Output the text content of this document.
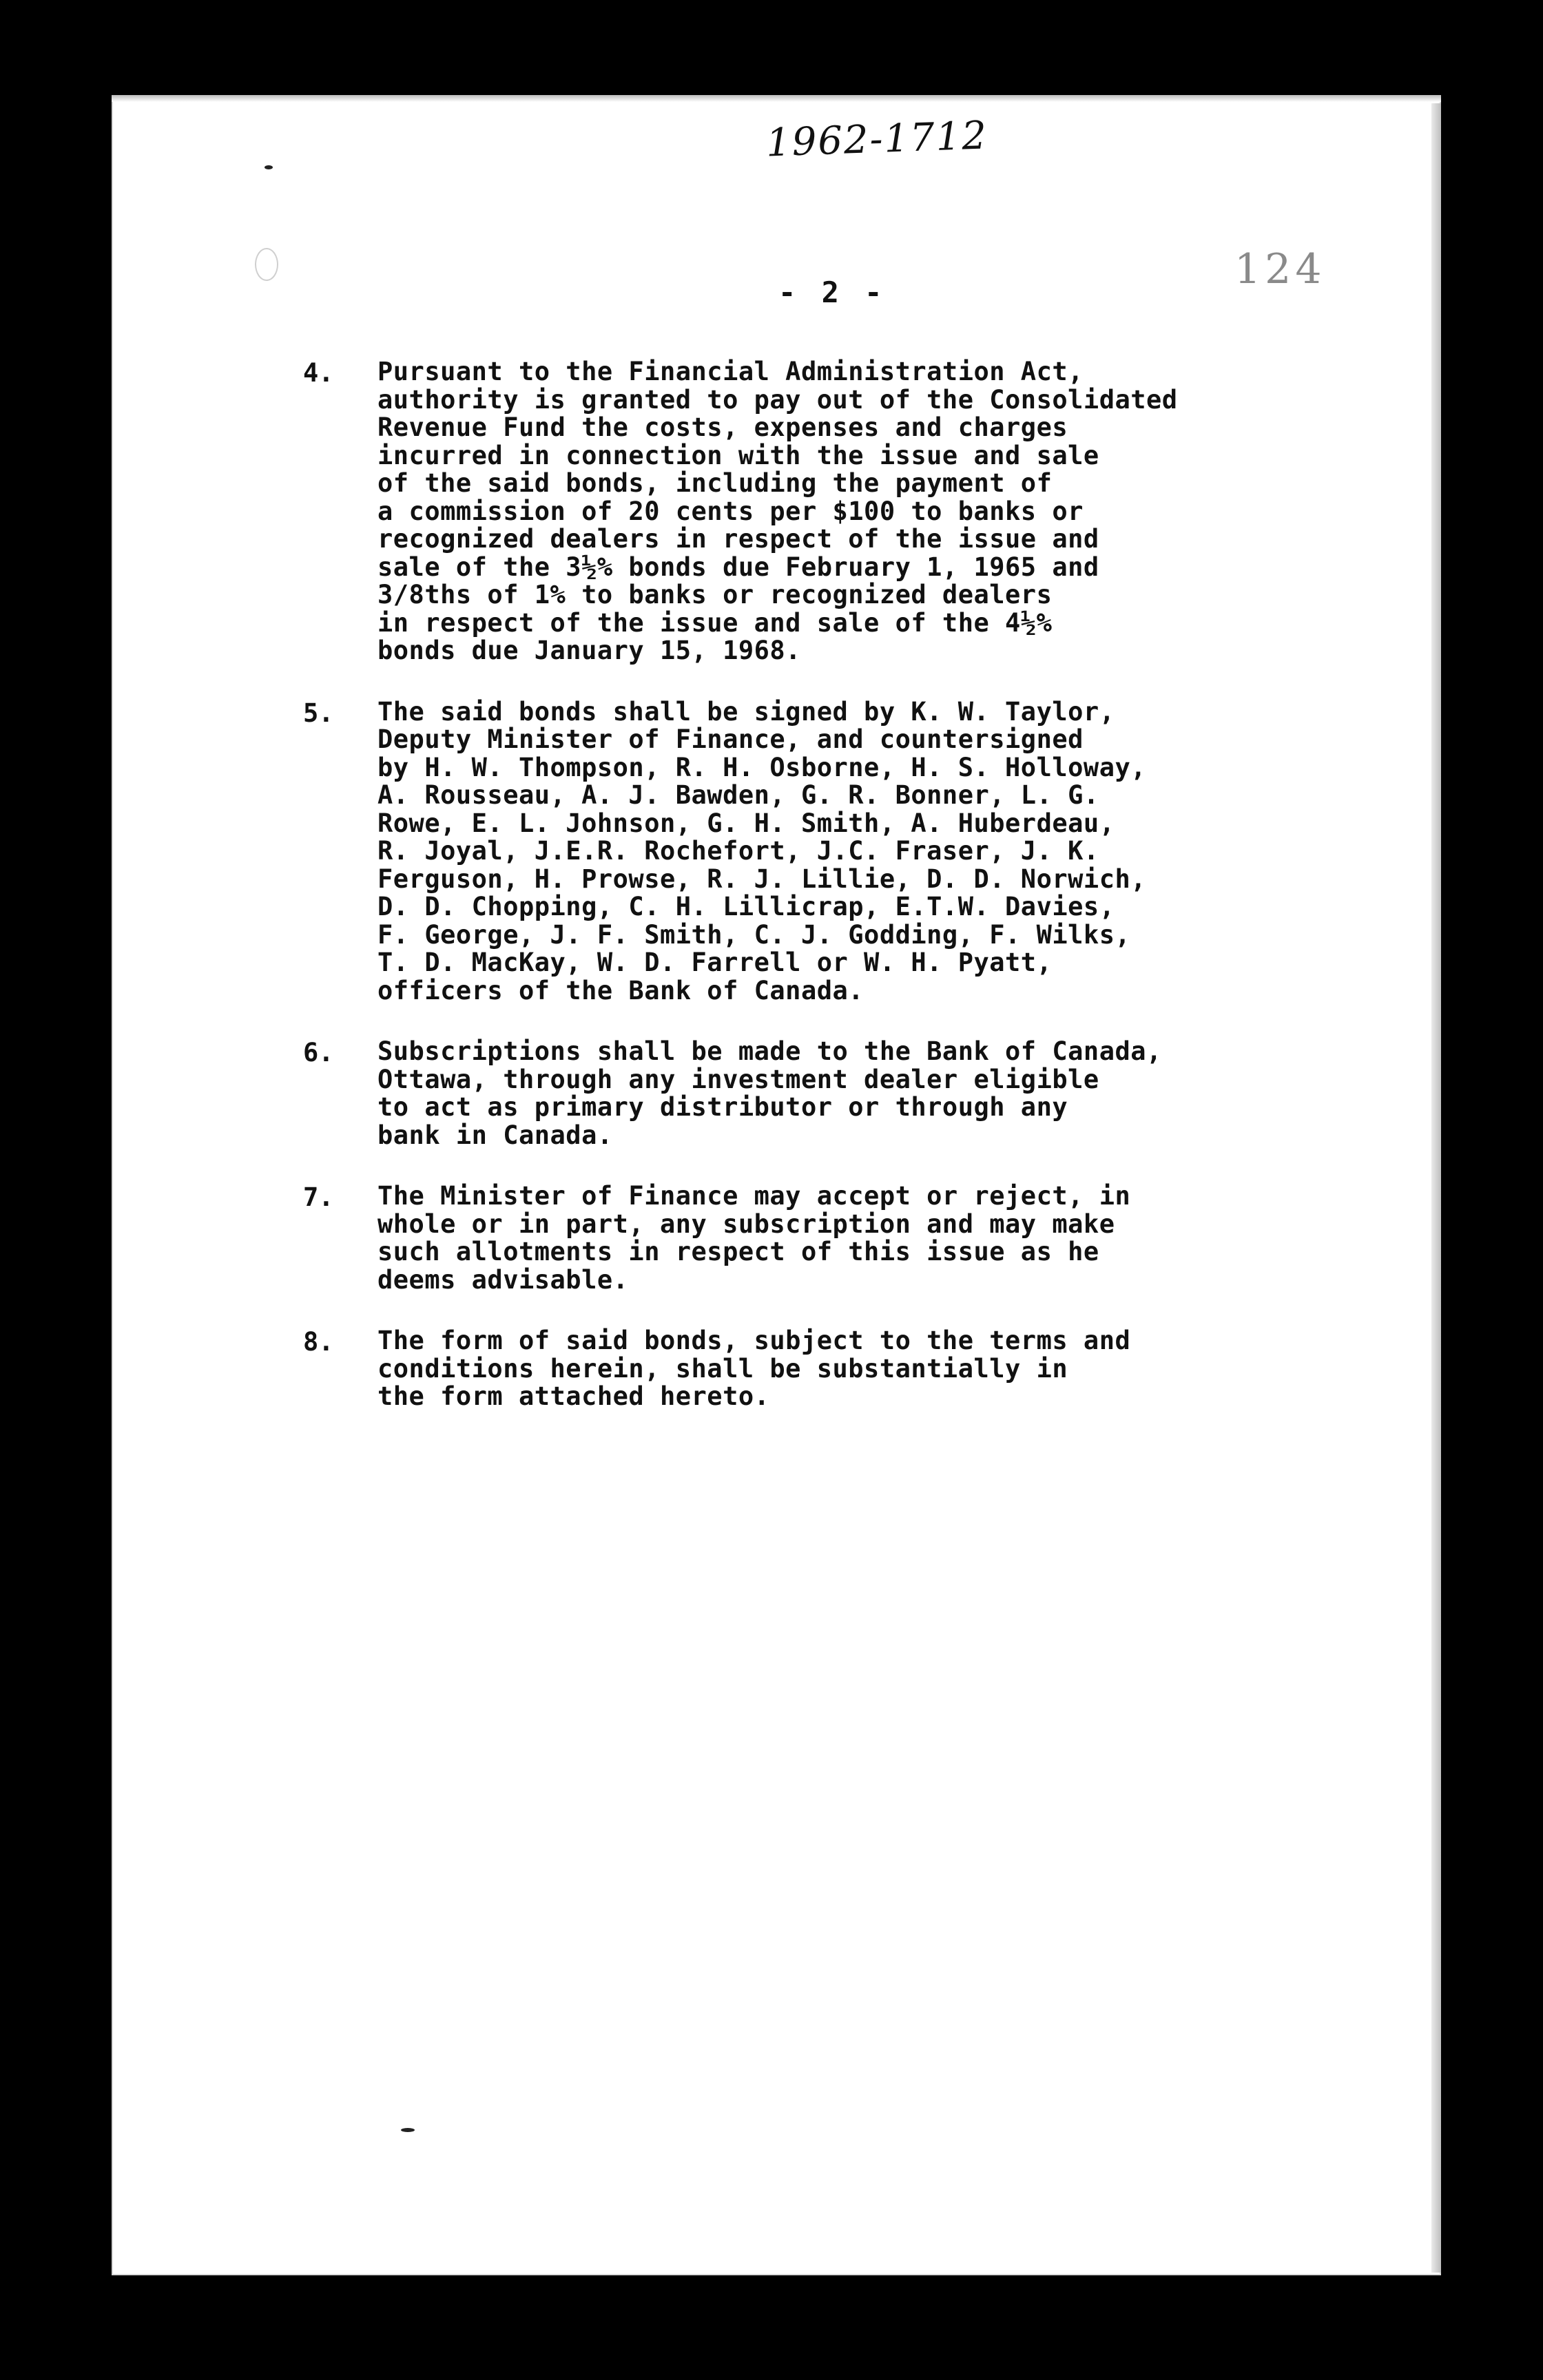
1962-1712
124
- 2 -
4. Pursuant to the Financial Administration Act,
authority is granted to pay out of the Consolidated
Revenue Fund the costs, expenses and charges
incurred in connection with the issue and sale
of the said bonds, including the payment of
a commission of 20 cents per $100 to banks or
recognized dealers in respect of the issue and
sale of the 3½% bonds due February 1, 1965 and
3/8ths of 1% to banks or recognized dealers
in respect of the issue and sale of the 4½%
bonds due January 15, 1968.
5. The said bonds shall be signed by K. W. Taylor,
Deputy Minister of Finance, and countersigned
by H. W. Thompson, R. H. Osborne, H. S. Holloway,
A. Rousseau, A. J. Bawden, G. R. Bonner, L. G.
Rowe, E. L. Johnson, G. H. Smith, A. Huberdeau,
R. Joyal, J.E.R. Rochefort, J.C. Fraser, J. K.
Ferguson, H. Prowse, R. J. Lillie, D. D. Norwich,
D. D. Chopping, C. H. Lillicrap, E.T.W. Davies,
F. George, J. F. Smith, C. J. Godding, F. Wilks,
T. D. MacKay, W. D. Farrell or W. H. Pyatt,
officers of the Bank of Canada.
6. Subscriptions shall be made to the Bank of Canada,
Ottawa, through any investment dealer eligible
to act as primary distributor or through any
bank in Canada.
7. The Minister of Finance may accept or reject, in
whole or in part, any subscription and may make
such allotments in respect of this issue as he
deems advisable.
8. The form of said bonds, subject to the terms and
conditions herein, shall be substantially in
the form attached hereto.
